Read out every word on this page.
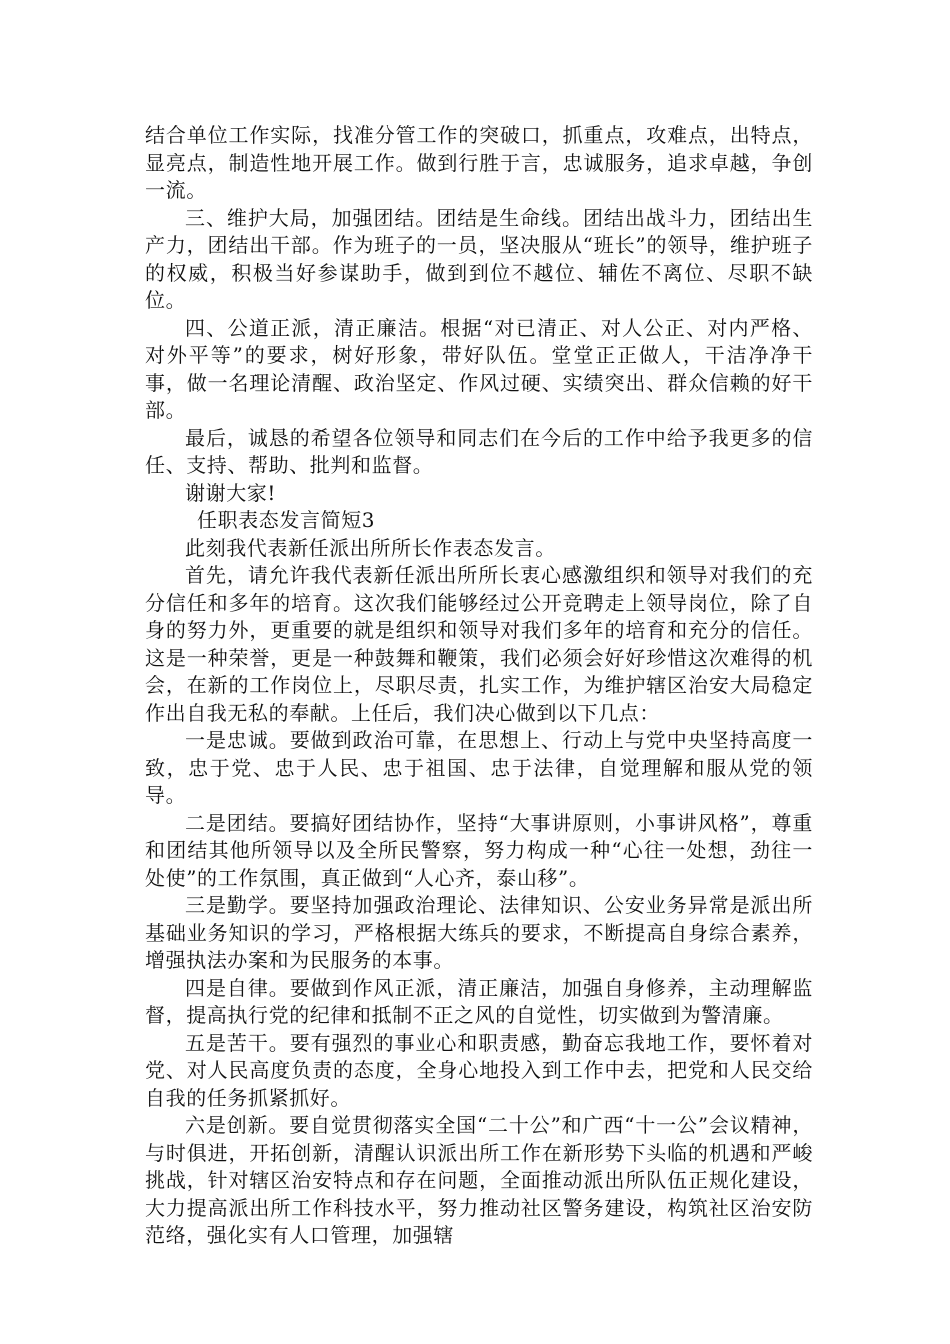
结合单位工作实际，找准分管工作的突破口，抓重点，攻难点，出特点，显亮点，制造性地开展工作。做到行胜于言，忠诚服务，追求卓越，争创一流。

三、维护大局，加强团结。团结是生命线。团结出战斗力，团结出生产力，团结出干部。作为班子的一员，坚决服从“班长”的领导，维护班子的权威，积极当好参谋助手，做到到位不越位、辅佐不离位、尽职不缺位。

四、公道正派，清正廉洁。根据“对已清正、对人公正、对内严格、对外平等”的要求，树好形象，带好队伍。堂堂正正做人，干洁净净干事，做一名理论清醒、政治坚定、作风过硬、实绩突出、群众信赖的好干部。

最后，诚恳的希望各位领导和同志们在今后的工作中给予我更多的信任、支持、帮助、批判和监督。

谢谢大家!

任职表态发言简短3

此刻我代表新任派出所所长作表态发言。

首先，请允许我代表新任派出所所长衷心感激组织和领导对我们的充分信任和多年的培育。这次我们能够经过公开竞聘走上领导岗位，除了自身的努力外，更重要的就是组织和领导对我们多年的培育和充分的信任。这是一种荣誉，更是一种鼓舞和鞭策，我们必须会好好珍惜这次难得的机会，在新的工作岗位上，尽职尽责，扎实工作，为维护辖区治安大局稳定作出自我无私的奉献。上任后，我们决心做到以下几点：

一是忠诚。要做到政治可靠，在思想上、行动上与党中央坚持高度一致，忠于党、忠于人民、忠于祖国、忠于法律，自觉理解和服从党的领导。

二是团结。要搞好团结协作，坚持“大事讲原则，小事讲风格”，尊重和团结其他所领导以及全所民警察，努力构成一种“心往一处想，劲往一处使”的工作氛围，真正做到“人心齐，泰山移”。

三是勤学。要坚持加强政治理论、法律知识、公安业务异常是派出所基础业务知识的学习，严格根据大练兵的要求，不断提高自身综合素养，增强执法办案和为民服务的本事。

四是自律。要做到作风正派，清正廉洁，加强自身修养，主动理解监督，提高执行党的纪律和抵制不正之风的自觉性，切实做到为警清廉。

五是苦干。要有强烈的事业心和职责感，勤奋忘我地工作，要怀着对党、对人民高度负责的态度，全身心地投入到工作中去，把党和人民交给自我的任务抓紧抓好。

六是创新。要自觉贯彻落实全国“二十公”和广西“十一公”会议精神，与时俱进，开拓创新，清醒认识派出所工作在新形势下头临的机遇和严峻挑战，针对辖区治安特点和存在问题，全面推动派出所队伍正规化建设，大力提高派出所工作科技水平，努力推动社区警务建设，构筑社区治安防范络，强化实有人口管理，加强辖
